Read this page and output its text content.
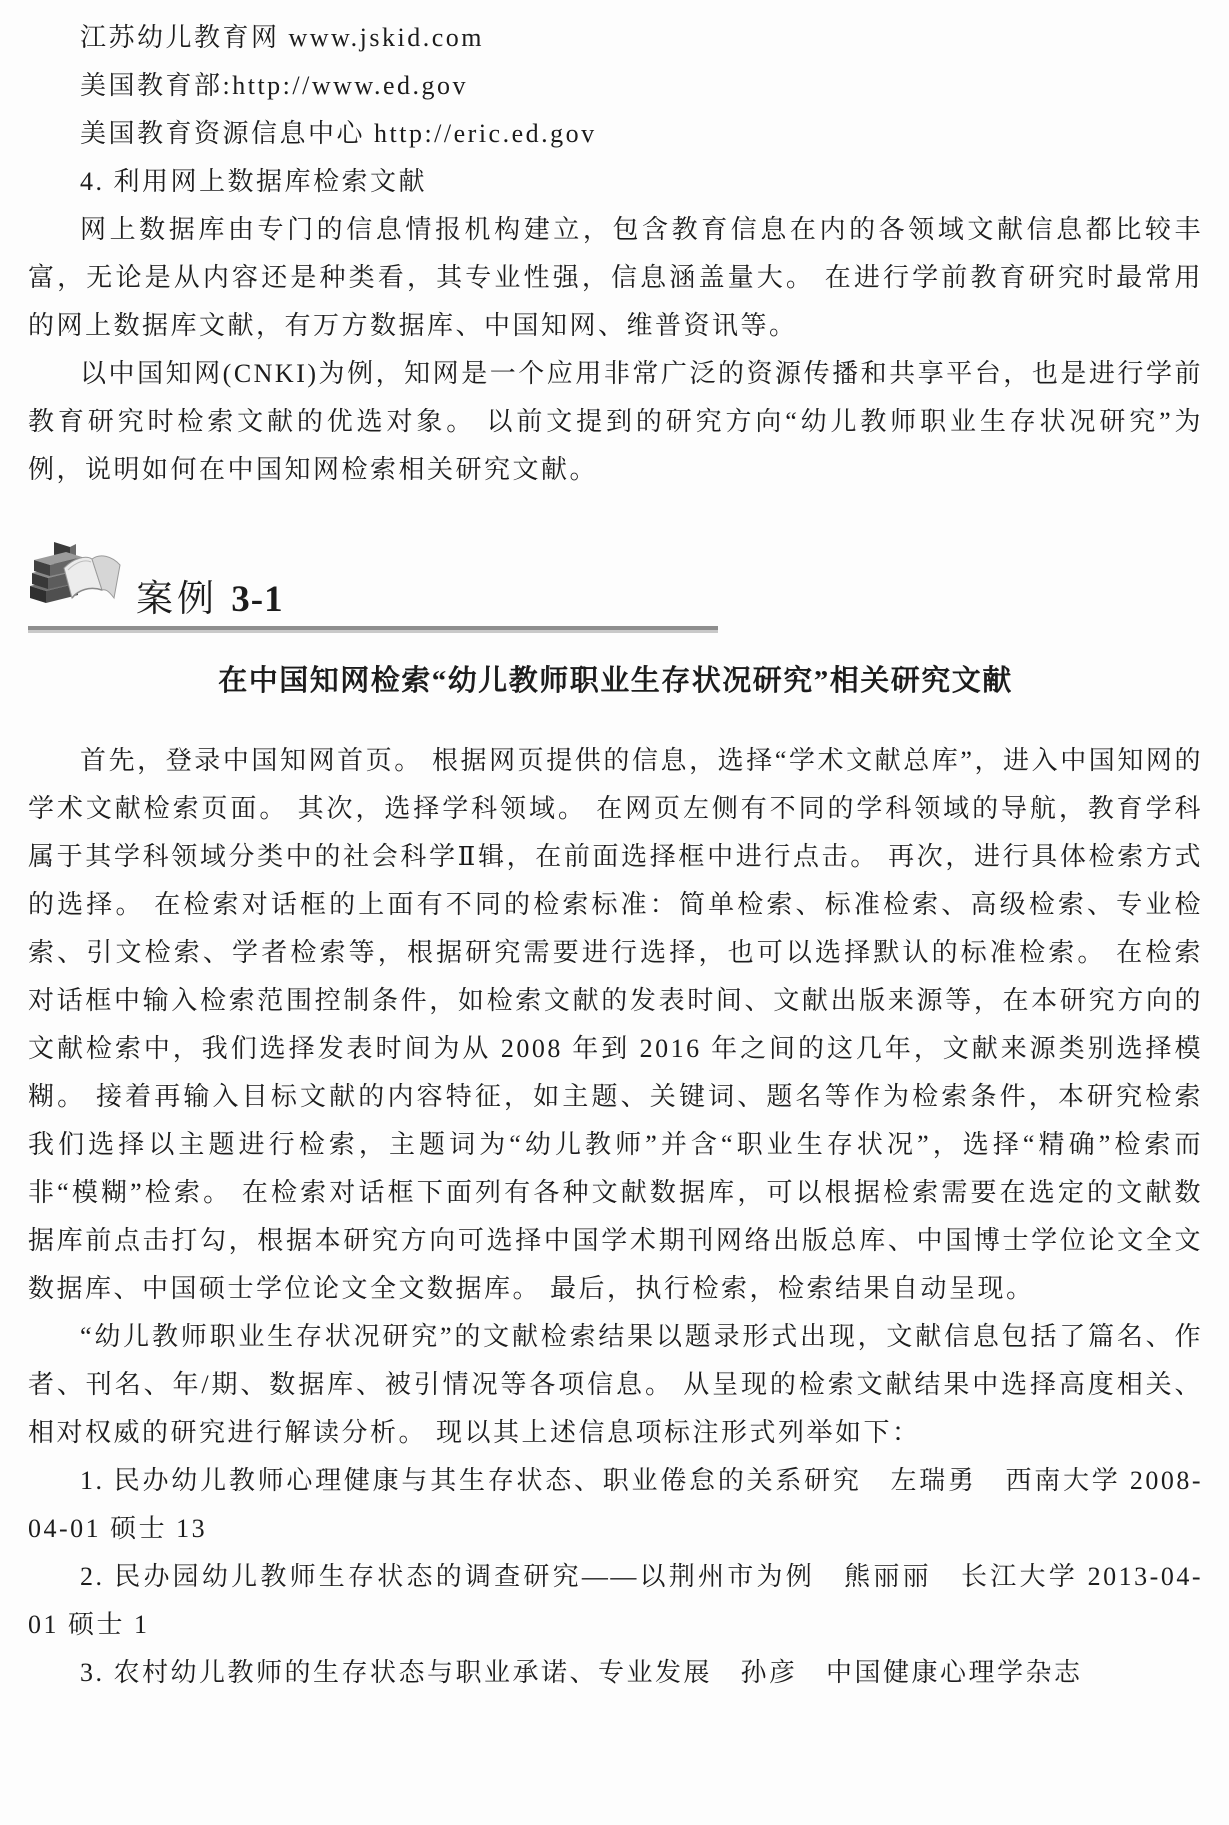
江苏幼儿教育网 www.jskid.com

美国教育部:http://www.ed.gov

美国教育资源信息中心 http://eric.ed.gov

4. 利用网上数据库检索文献

网上数据库由专门的信息情报机构建立，包含教育信息在内的各领域文献信息都比较丰富，无论是从内容还是种类看，其专业性强，信息涵盖量大。 在进行学前教育研究时最常用的网上数据库文献，有万方数据库、中国知网、维普资讯等。

以中国知网(CNKI)为例，知网是一个应用非常广泛的资源传播和共享平台，也是进行学前教育研究时检索文献的优选对象。 以前文提到的研究方向“幼儿教师职业生存状况研究”为例，说明如何在中国知网检索相关研究文献。

案例 3-1
在中国知网检索“幼儿教师职业生存状况研究”相关研究文献

首先，登录中国知网首页。 根据网页提供的信息，选择“学术文献总库”，进入中国知网的学术文献检索页面。 其次，选择学科领域。 在网页左侧有不同的学科领域的导航，教育学科属于其学科领域分类中的社会科学Ⅱ辑，在前面选择框中进行点击。 再次，进行具体检索方式的选择。 在检索对话框的上面有不同的检索标准：简单检索、标准检索、高级检索、专业检索、引文检索、学者检索等，根据研究需要进行选择，也可以选择默认的标准检索。 在检索对话框中输入检索范围控制条件，如检索文献的发表时间、文献出版来源等，在本研究方向的文献检索中，我们选择发表时间为从 2008 年到 2016 年之间的这几年，文献来源类别选择模糊。 接着再输入目标文献的内容特征，如主题、关键词、题名等作为检索条件，本研究检索我们选择以主题进行检索，主题词为“幼儿教师”并含“职业生存状况”，选择“精确”检索而非“模糊”检索。 在检索对话框下面列有各种文献数据库，可以根据检索需要在选定的文献数据库前点击打勾，根据本研究方向可选择中国学术期刊网络出版总库、中国博士学位论文全文数据库、中国硕士学位论文全文数据库。 最后，执行检索，检索结果自动呈现。

“幼儿教师职业生存状况研究”的文献检索结果以题录形式出现，文献信息包括了篇名、作者、刊名、年/期、数据库、被引情况等各项信息。 从呈现的检索文献结果中选择高度相关、相对权威的研究进行解读分析。 现以其上述信息项标注形式列举如下：

1. 民办幼儿教师心理健康与其生存状态、职业倦怠的关系研究　左瑞勇　西南大学 2008-04-01 硕士 13

2. 民办园幼儿教师生存状态的调查研究——以荆州市为例　熊丽丽　长江大学 2013-04-01 硕士 1

3. 农村幼儿教师的生存状态与职业承诺、专业发展　孙彦　中国健康心理学杂志
